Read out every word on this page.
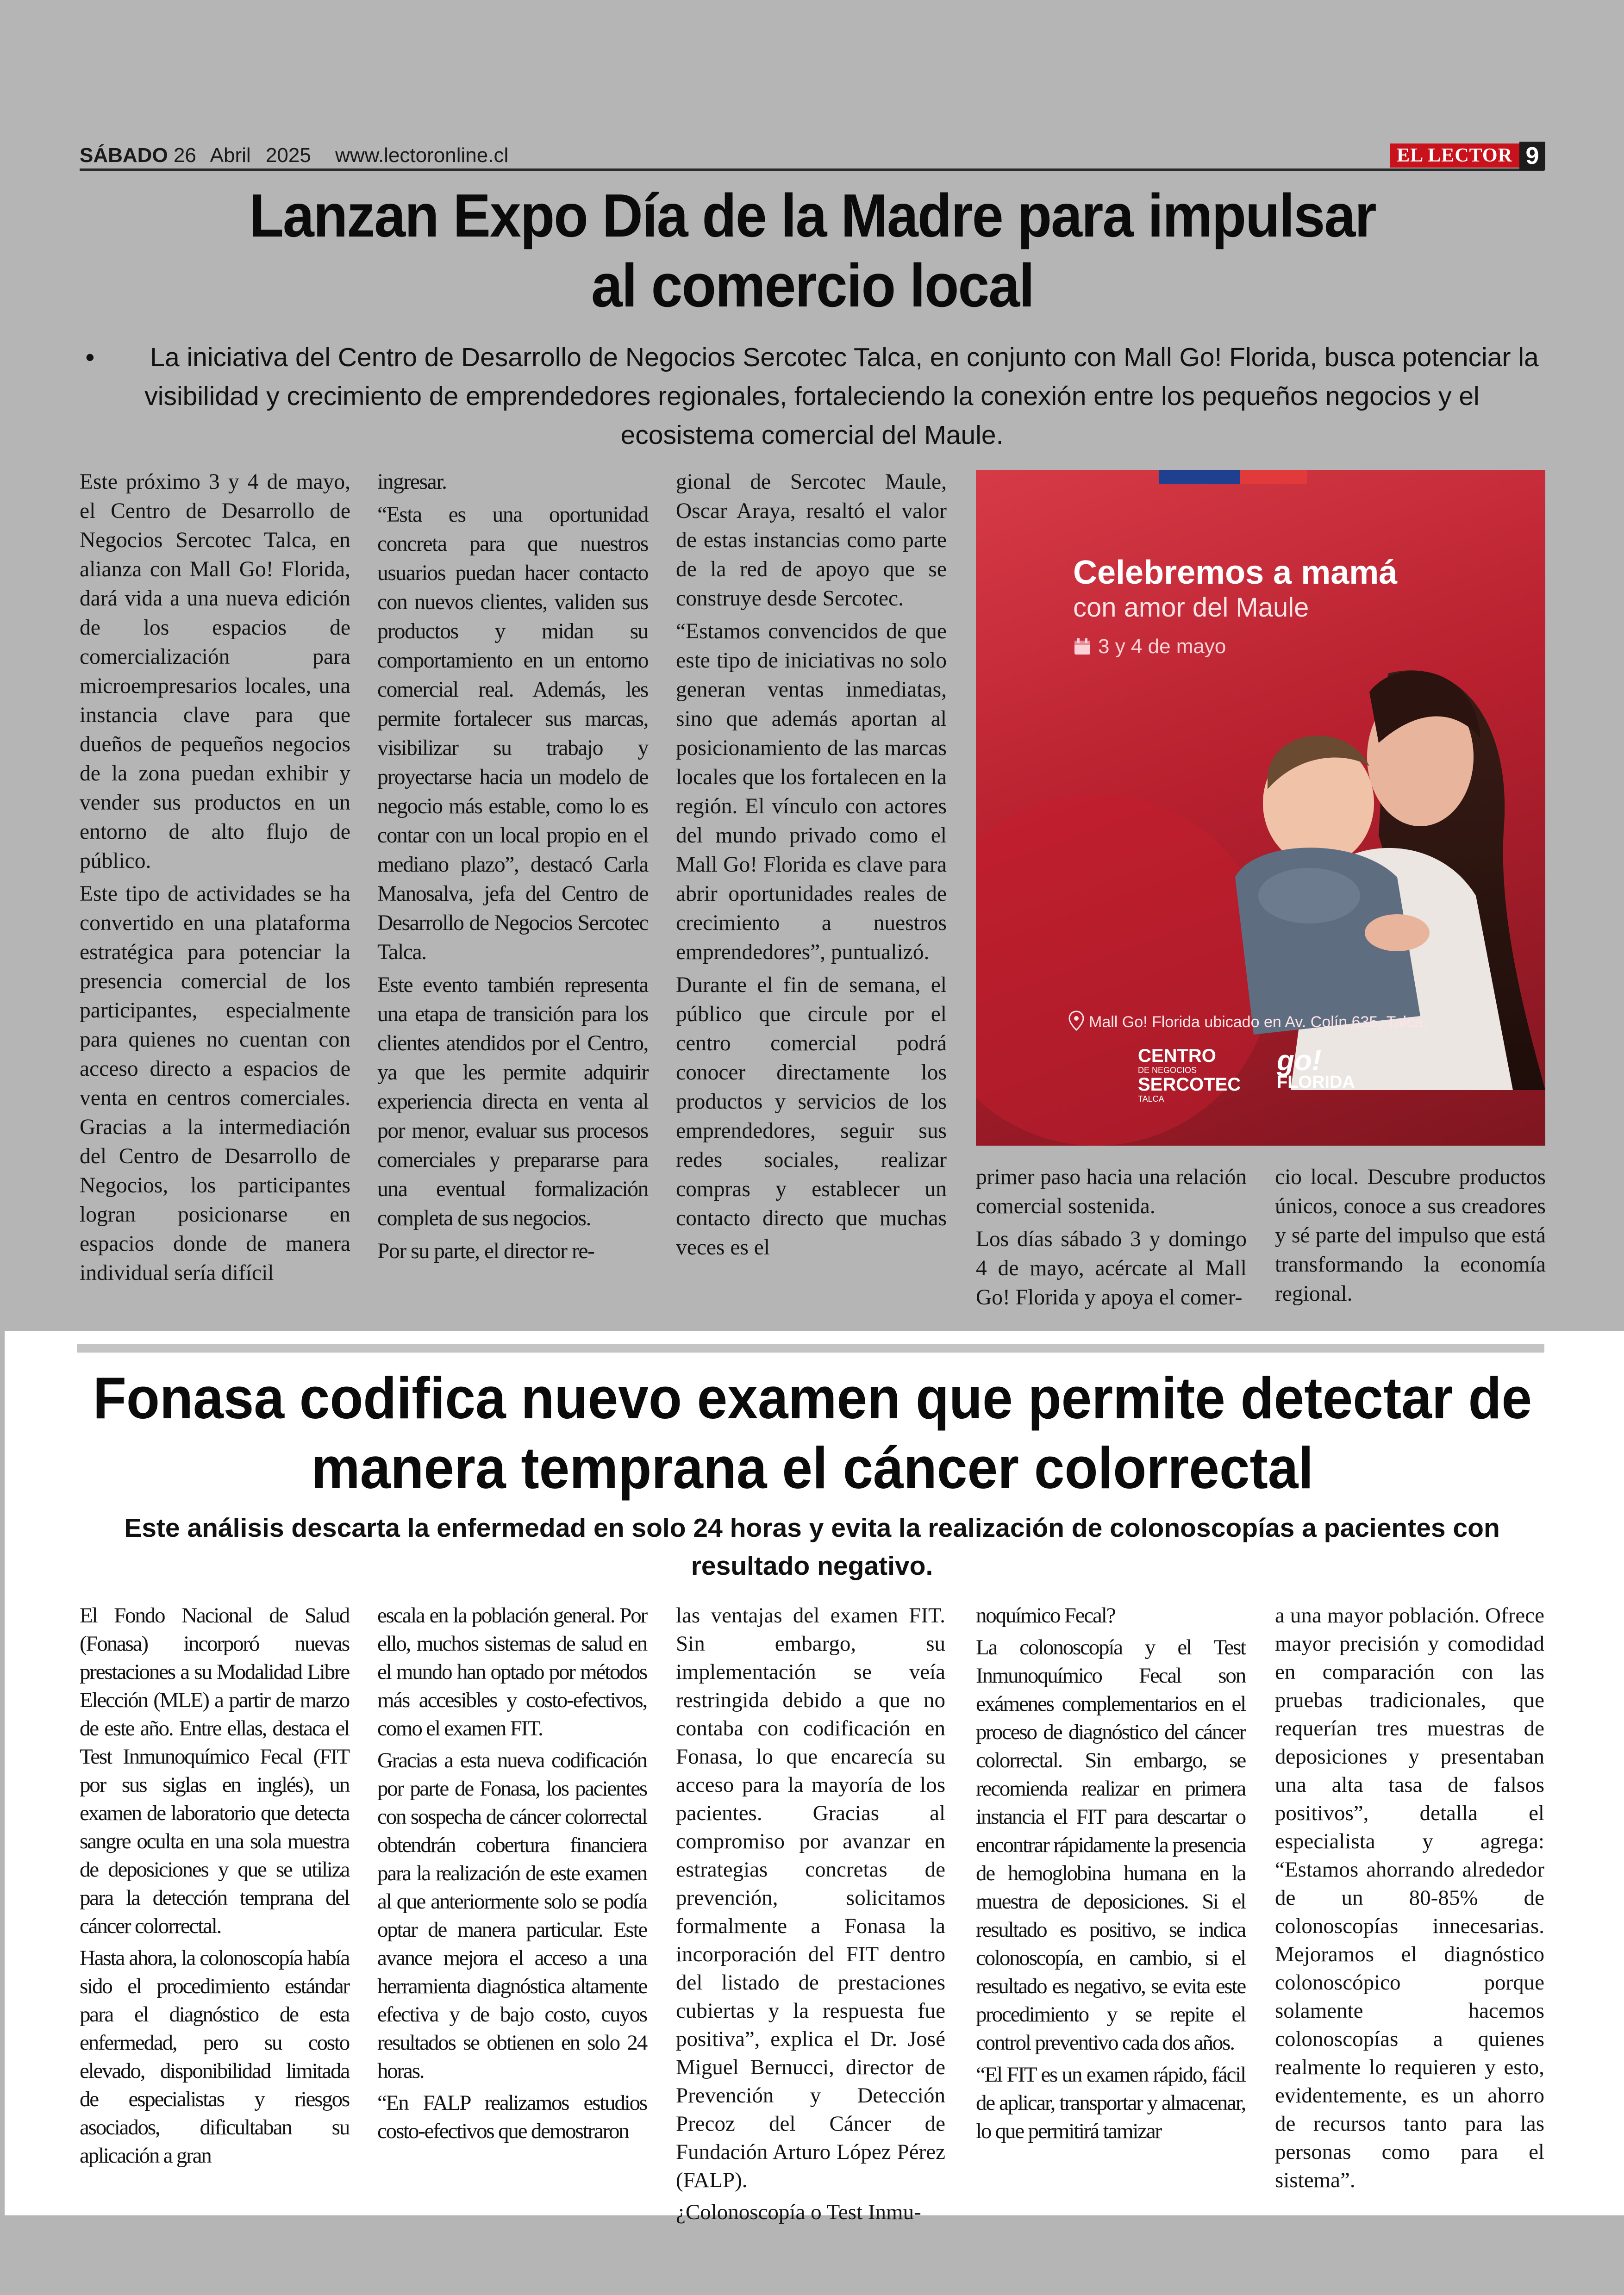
SÁBADO 26 Abril 2025 www.lectoronline.cl	EL LECTOR 9
Lanzan Expo Día de la Madre para impulsar
al comercio local
• La iniciativa del Centro de Desarrollo de Negocios Sercotec Talca, en conjunto con Mall Go! Florida, busca potenciar la visibilidad y crecimiento de emprendedores regionales, fortaleciendo la conexión entre los pequeños negocios y el ecosistema comercial del Maule.

Este próximo 3 y 4 de mayo, el Centro de Desarrollo de Negocios Sercotec Talca, en alianza con Mall Go! Florida, dará vida a una nueva edición de los espacios de comercialización para microempresarios locales, una instancia clave para que dueños de pequeños negocios de la zona puedan exhibir y vender sus productos en un entorno de alto flujo de público.

Este tipo de actividades se ha convertido en una plataforma estratégica para potenciar la presencia comercial de los participantes, especialmente para quienes no cuentan con acceso directo a espacios de venta en centros comerciales. Gracias a la intermediación del Centro de Desarrollo de Negocios, los participantes logran posicionarse en espacios donde de manera individual sería difícil

ingresar.

“Esta es una oportunidad concreta para que nuestros usuarios puedan hacer contacto con nuevos clientes, validen sus productos y midan su comportamiento en un entorno comercial real. Además, les permite fortalecer sus marcas, visibilizar su trabajo y proyectarse hacia un modelo de negocio más estable, como lo es contar con un local propio en el mediano plazo”, destacó Carla Manosalva, jefa del Centro de Desarrollo de Negocios Sercotec Talca.

Este evento también representa una etapa de transición para los clientes atendidos por el Centro, ya que les permite adquirir experiencia directa en venta al por menor, evaluar sus procesos comerciales y prepararse para una eventual formalización completa de sus negocios.

Por su parte, el director re-

gional de Sercotec Maule, Oscar Araya, resaltó el valor de estas instancias como parte de la red de apoyo que se construye desde Sercotec.

“Estamos convencidos de que este tipo de iniciativas no solo generan ventas inmediatas, sino que además aportan al posicionamiento de las marcas locales que los fortalecen en la región. El vínculo con actores del mundo privado como el Mall Go! Florida es clave para abrir oportunidades reales de crecimiento a nuestros emprendedores”, puntualizó.

Durante el fin de semana, el público que circule por el centro comercial podrá conocer directamente los productos y servicios de los emprendedores, seguir sus redes sociales, realizar compras y establecer un contacto directo que muchas veces es el

Celebremos a mamá
con amor del Maule
3 y 4 de mayo
Mall Go! Florida ubicado en Av. Colín 635, Talca.
CENTRO
DE NEGOCIOS
SERCOTEC
TALCA
go!
FLORIDA

primer paso hacia una relación comercial sostenida.

Los días sábado 3 y domingo 4 de mayo, acércate al Mall Go! Florida y apoya el comer-

cio local. Descubre productos únicos, conoce a sus creadores y sé parte del impulso que está transformando la economía regional.

Fonasa codifica nuevo examen que permite detectar de
manera temprana el cáncer colorrectal
Este análisis descarta la enfermedad en solo 24 horas y evita la realización de colonoscopías a pacientes con resultado negativo.

El Fondo Nacional de Salud (Fonasa) incorporó nuevas prestaciones a su Modalidad Libre Elección (MLE) a partir de marzo de este año. Entre ellas, destaca el Test Inmunoquímico Fecal (FIT por sus siglas en inglés), un examen de laboratorio que detecta sangre oculta en una sola muestra de deposiciones y que se utiliza para la detección temprana del cáncer colorrectal.

Hasta ahora, la colonoscopía había sido el procedimiento estándar para el diagnóstico de esta enfermedad, pero su costo elevado, disponibilidad limitada de especialistas y riesgos asociados, dificultaban su aplicación a gran

escala en la población general. Por ello, muchos sistemas de salud en el mundo han optado por métodos más accesibles y costo-efectivos, como el examen FIT.

Gracias a esta nueva codificación por parte de Fonasa, los pacientes con sospecha de cáncer colorrectal obtendrán cobertura financiera para la realización de este examen al que anteriormente solo se podía optar de manera particular. Este avance mejora el acceso a una herramienta diagnóstica altamente efectiva y de bajo costo, cuyos resultados se obtienen en solo 24 horas.

“En FALP realizamos estudios costo-efectivos que demostraron

las ventajas del examen FIT. Sin embargo, su implementación se veía restringida debido a que no contaba con codificación en Fonasa, lo que encarecía su acceso para la mayoría de los pacientes. Gracias al compromiso por avanzar en estrategias concretas de prevención, solicitamos formalmente a Fonasa la incorporación del FIT dentro del listado de prestaciones cubiertas y la respuesta fue positiva”, explica el Dr. José Miguel Bernucci, director de Prevención y Detección Precoz del Cáncer de Fundación Arturo López Pérez (FALP).

¿Colonoscopía o Test Inmu-

noquímico Fecal?

La colonoscopía y el Test Inmunoquímico Fecal son exámenes complementarios en el proceso de diagnóstico del cáncer colorrectal. Sin embargo, se recomienda realizar en primera instancia el FIT para descartar o encontrar rápidamente la presencia de hemoglobina humana en la muestra de deposiciones. Si el resultado es positivo, se indica colonoscopía, en cambio, si el resultado es negativo, se evita este procedimiento y se repite el control preventivo cada dos años.

“El FIT es un examen rápido, fácil de aplicar, transportar y almacenar, lo que permitirá tamizar

a una mayor población. Ofrece mayor precisión y comodidad en comparación con las pruebas tradicionales, que requerían tres muestras de deposiciones y presentaban una alta tasa de falsos positivos”, detalla el especialista y agrega: “Estamos ahorrando alrededor de un 80-85% de colonoscopías innecesarias. Mejoramos el diagnóstico colonoscópico porque solamente hacemos colonoscopías a quienes realmente lo requieren y esto, evidentemente, es un ahorro de recursos tanto para las personas como para el sistema”.
